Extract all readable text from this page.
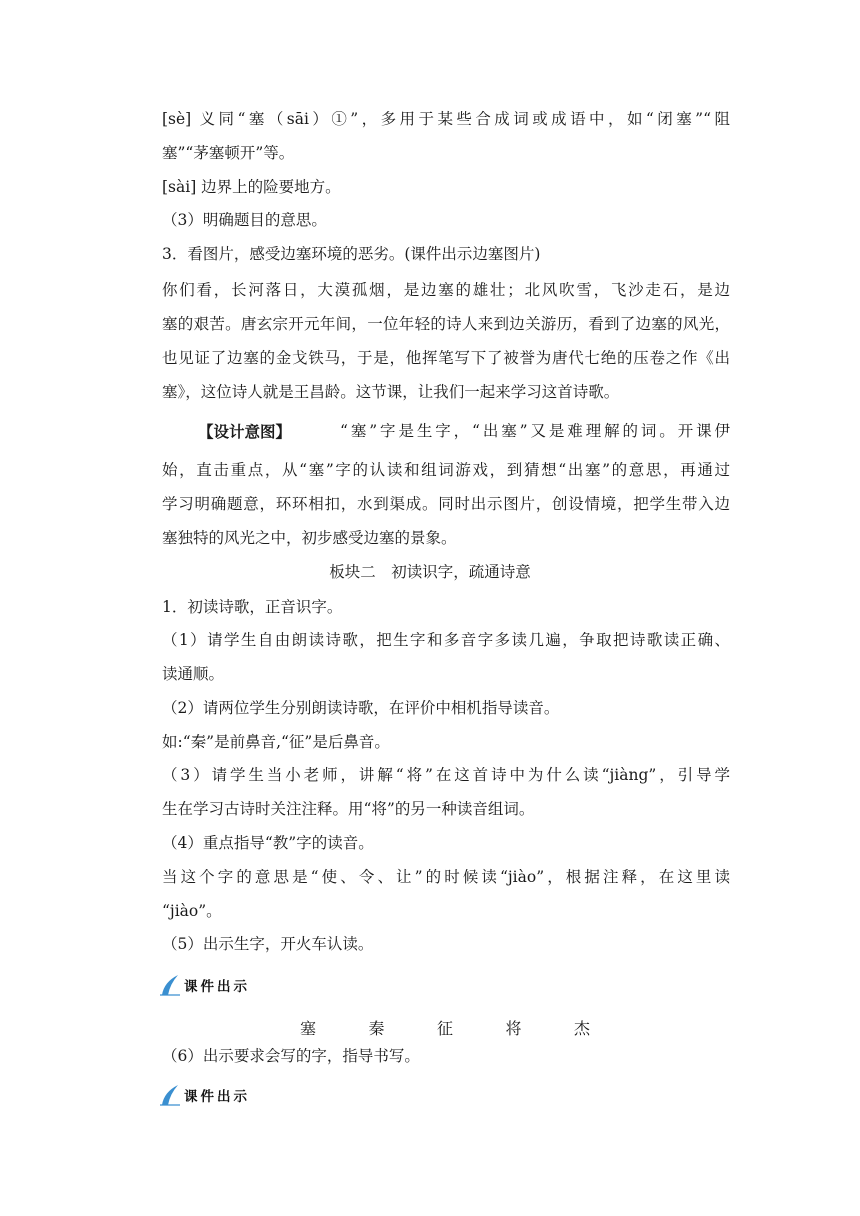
[sè] 义同“塞（sāi）①”，多用于某些合成词或成语中，如“闭塞”“阻
塞”“茅塞顿开”等。
[sài] 边界上的险要地方。
（3）明确题目的意思。
3．看图片，感受边塞环境的恶劣。(课件出示边塞图片)
你们看，长河落日，大漠孤烟，是边塞的雄壮；北风吹雪，飞沙走石，是边
塞的艰苦。唐玄宗开元年间，一位年轻的诗人来到边关游历，看到了边塞的风光，
也见证了边塞的金戈铁马，于是，他挥笔写下了被誉为唐代七绝的压卷之作《出
塞》，这位诗人就是王昌龄。这节课，让我们一起来学习这首诗歌。
【设计意图】	“塞”字是生字，“出塞”又是难理解的词。开课伊
始，直击重点，从“塞”字的认读和组词游戏，到猜想“出塞”的意思，再通过
学习明确题意，环环相扣，水到渠成。同时出示图片，创设情境，把学生带入边
塞独特的风光之中，初步感受边塞的景象。
板块二　初读识字，疏通诗意
1．初读诗歌，正音识字。
（1）请学生自由朗读诗歌，把生字和多音字多读几遍，争取把诗歌读正确、
读通顺。
（2）请两位学生分别朗读诗歌，在评价中相机指导读音。
如:“秦”是前鼻音,“征”是后鼻音。
（3）请学生当小老师，讲解“将”在这首诗中为什么读“jiàng”，引导学
生在学习古诗时关注注释。用“将”的另一种读音组词。
（4）重点指导“教”字的读音。
当这个字的意思是“使、令、让”的时候读“jiào”，根据注释，在这里读
“jiào”。
（5）出示生字，开火车认读。
课件出示
塞	秦	征	将	杰
（6）出示要求会写的字，指导书写。
课件出示
